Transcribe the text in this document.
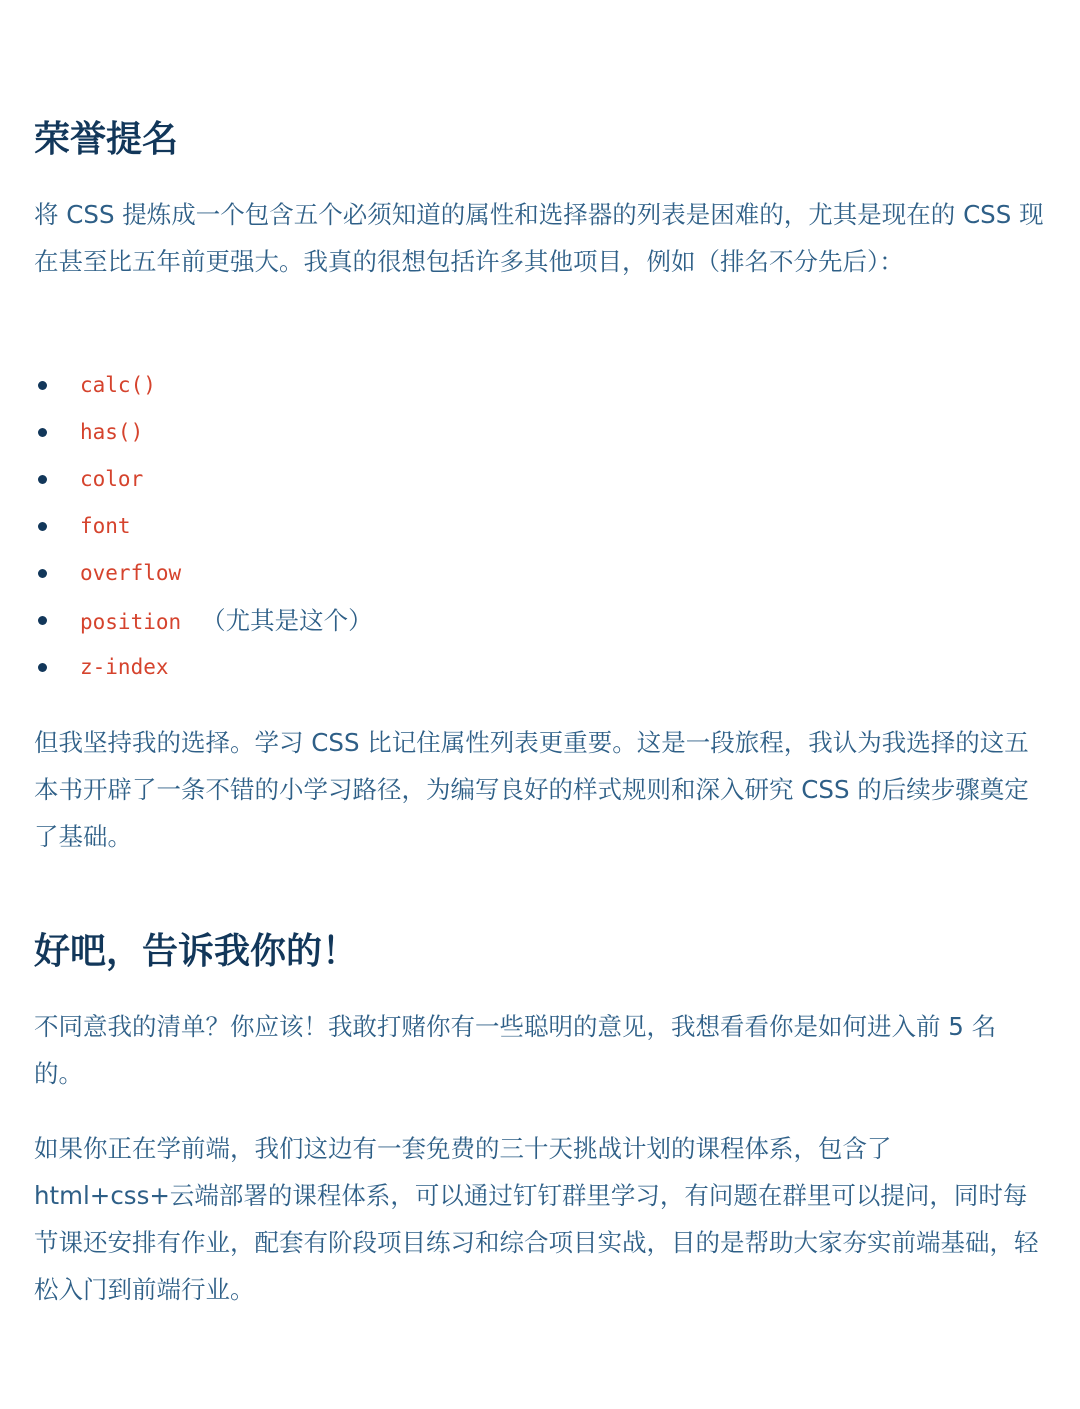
荣誉提名

将 CSS 提炼成一个包含五个必须知道的属性和选择器的列表是困难的，尤其是现在的 CSS 现在甚至比五年前更强大。我真的很想包括许多其他项目，例如（排名不分先后）：

calc()
has()
color
font
overflow
position （尤其是这个）
z-index

但我坚持我的选择。学习 CSS 比记住属性列表更重要。这是一段旅程，我认为我选择的这五本书开辟了一条不错的小学习路径，为编写良好的样式规则和深入研究 CSS 的后续步骤奠定了基础。

好吧，告诉我你的！

不同意我的清单？你应该！我敢打赌你有一些聪明的意见，我想看看你是如何进入前 5 名的。

如果你正在学前端，我们这边有一套免费的三十天挑战计划的课程体系，包含了html+css+云端部署的课程体系，可以通过钉钉群里学习，有问题在群里可以提问，同时每节课还安排有作业，配套有阶段项目练习和综合项目实战，目的是帮助大家夯实前端基础，轻松入门到前端行业。
